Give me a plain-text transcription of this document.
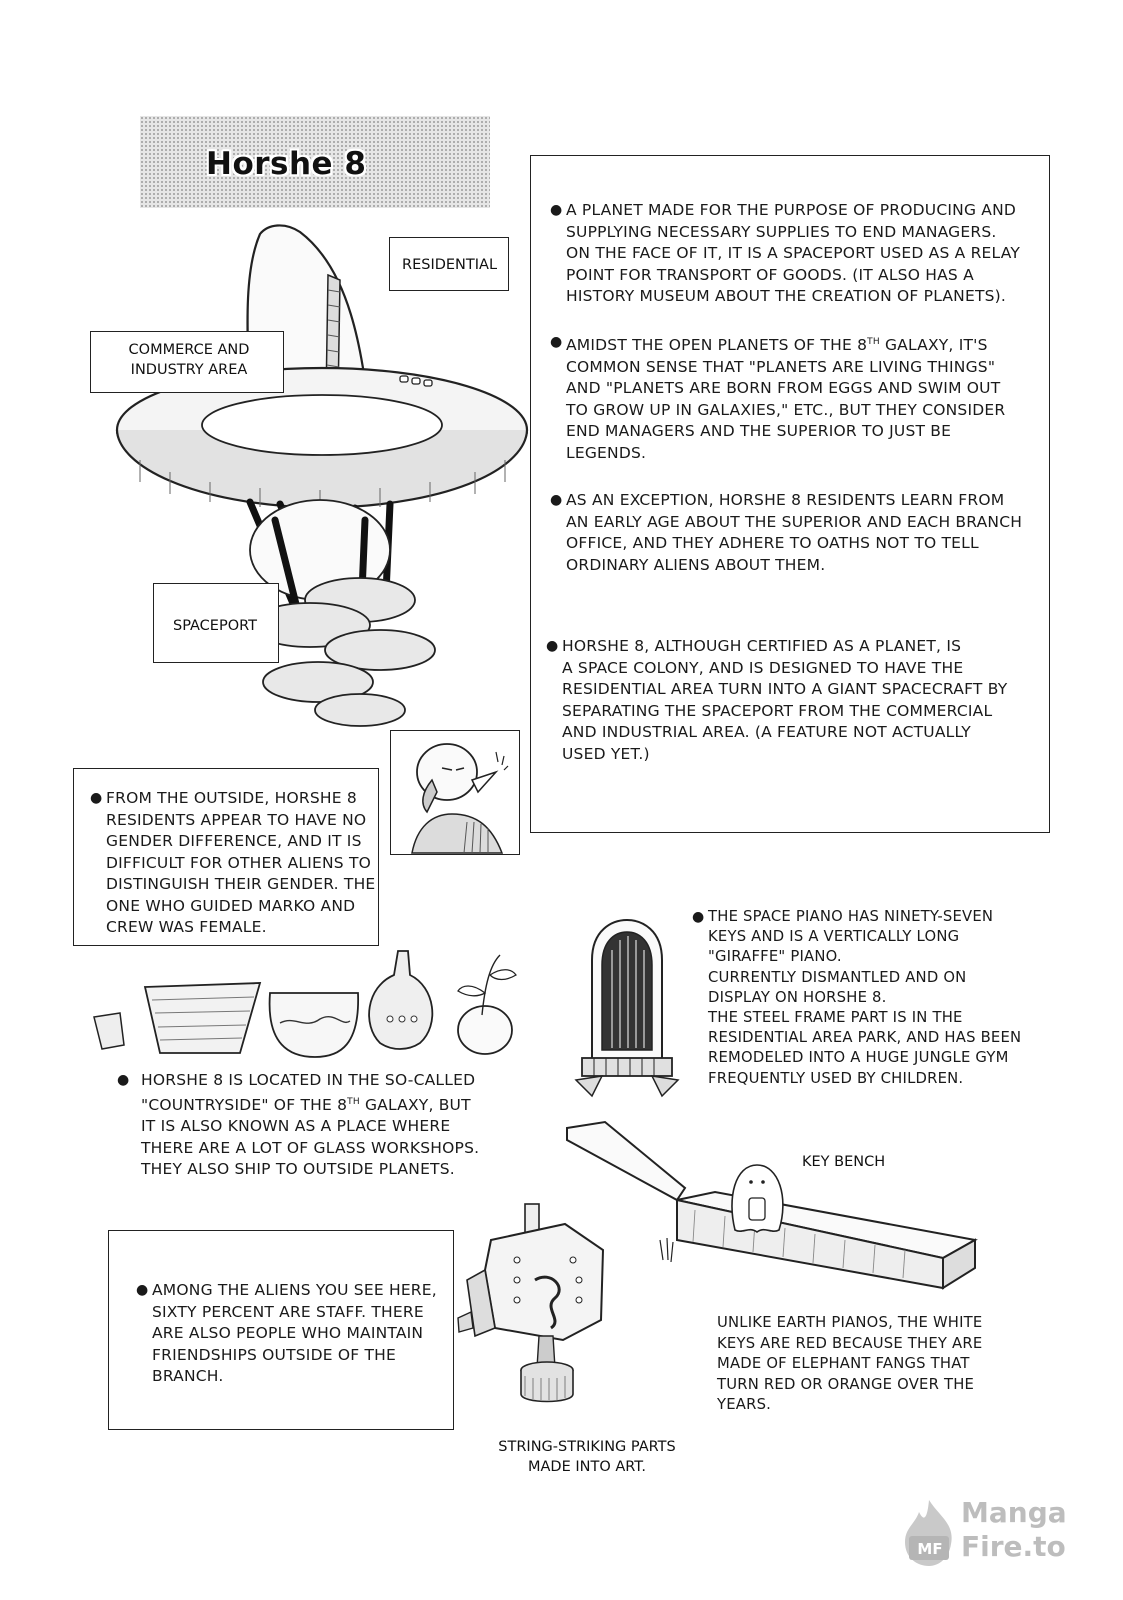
Horshe 8
● A PLANET MADE FOR THE PURPOSE OF PRODUCING AND
SUPPLYING NECESSARY SUPPLIES TO END MANAGERS.
ON THE FACE OF IT, IT IS A SPACEPORT USED AS A RELAY
POINT FOR TRANSPORT OF GOODS. (IT ALSO HAS A
HISTORY MUSEUM ABOUT THE CREATION OF PLANETS).
● AMIDST THE OPEN PLANETS OF THE 8TH GALAXY, IT'S
COMMON SENSE THAT "PLANETS ARE LIVING THINGS"
AND "PLANETS ARE BORN FROM EGGS AND SWIM OUT
TO GROW UP IN GALAXIES," ETC., BUT THEY CONSIDER
END MANAGERS AND THE SUPERIOR TO JUST BE
LEGENDS.
● AS AN EXCEPTION, HORSHE 8 RESIDENTS LEARN FROM
AN EARLY AGE ABOUT THE SUPERIOR AND EACH BRANCH
OFFICE, AND THEY ADHERE TO OATHS NOT TO TELL
ORDINARY ALIENS ABOUT THEM.
● HORSHE 8, ALTHOUGH CERTIFIED AS A PLANET, IS
A SPACE COLONY, AND IS DESIGNED TO HAVE THE
RESIDENTIAL AREA TURN INTO A GIANT SPACECRAFT BY
SEPARATING THE SPACEPORT FROM THE COMMERCIAL
AND INDUSTRIAL AREA. (A FEATURE NOT ACTUALLY
USED YET.)
RESIDENTIAL
COMMERCE AND
INDUSTRY AREA
SPACEPORT
● FROM THE OUTSIDE, HORSHE 8
RESIDENTS APPEAR TO HAVE NO
GENDER DIFFERENCE, AND IT IS
DIFFICULT FOR OTHER ALIENS TO
DISTINGUISH THEIR GENDER. THE
ONE WHO GUIDED MARKO AND
CREW WAS FEMALE.
● HORSHE 8 IS LOCATED IN THE SO-CALLED
"COUNTRYSIDE" OF THE 8TH GALAXY, BUT
IT IS ALSO KNOWN AS A PLACE WHERE
THERE ARE A LOT OF GLASS WORKSHOPS.
THEY ALSO SHIP TO OUTSIDE PLANETS.
● THE SPACE PIANO HAS NINETY-SEVEN
KEYS AND IS A VERTICALLY LONG
"GIRAFFE" PIANO.
CURRENTLY DISMANTLED AND ON
DISPLAY ON HORSHE 8.
THE STEEL FRAME PART IS IN THE
RESIDENTIAL AREA PARK, AND HAS BEEN
REMODELED INTO A HUGE JUNGLE GYM
FREQUENTLY USED BY CHILDREN.
KEY BENCH
UNLIKE EARTH PIANOS, THE WHITE
KEYS ARE RED BECAUSE THEY ARE
MADE OF ELEPHANT FANGS THAT
TURN RED OR ORANGE OVER THE
YEARS.
● AMONG THE ALIENS YOU SEE HERE,
SIXTY PERCENT ARE STAFF. THERE
ARE ALSO PEOPLE WHO MAINTAIN
FRIENDSHIPS OUTSIDE OF THE
BRANCH.
STRING-STRIKING PARTS
MADE INTO ART.
MF
Manga
Fire.to
